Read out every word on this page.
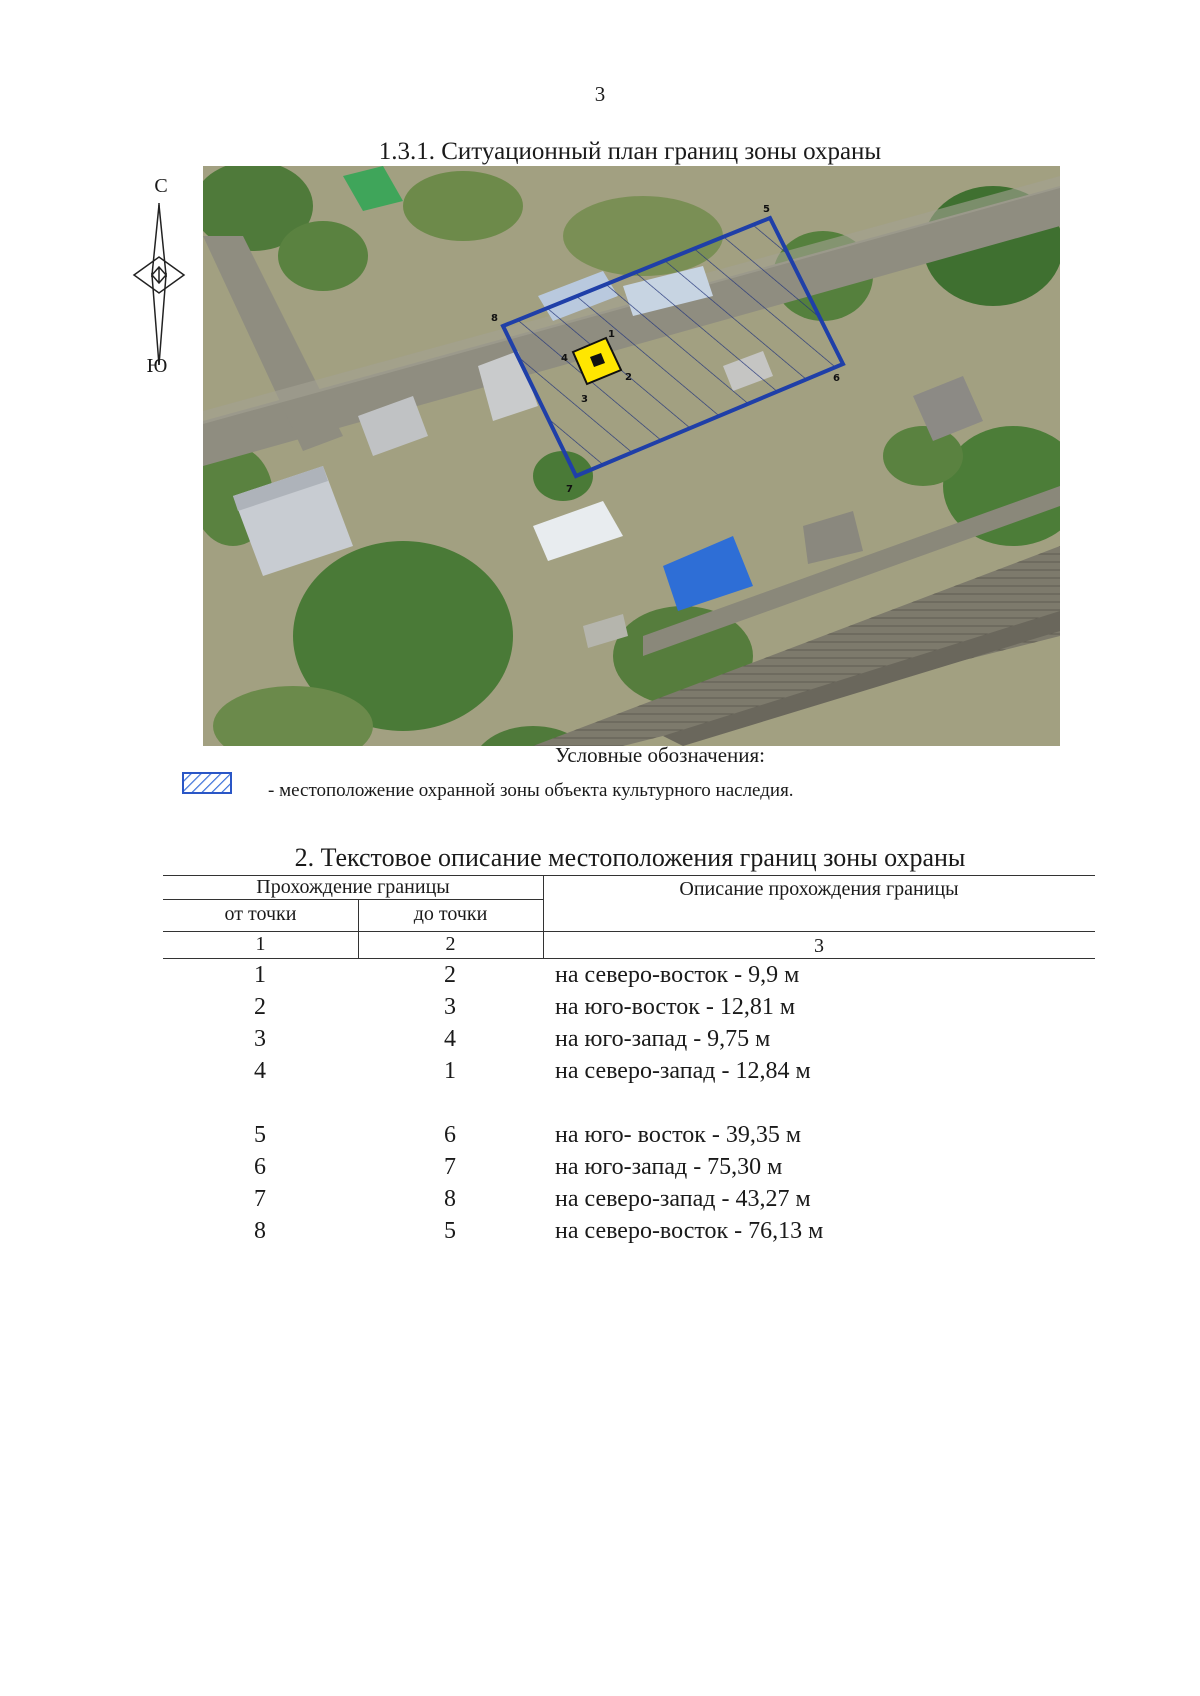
3
1.3.1. Ситуационный план границ зоны охраны
С
Ю
1
2
3
4
5
6
7
8
Условные обозначения:
- местоположение охранной зоны объекта культурного наследия.
2. Текстовое описание местоположения границ зоны охраны
Прохождение границы
от точки	до точки
Описание прохождения границы
1	2	3
1	2	на северо-восток - 9,9 м
2	3	на юго-восток - 12,81 м
3	4	на юго-запад - 9,75 м
4	1	на северо-запад - 12,84 м
5	6	на юго- восток - 39,35 м
6	7	на юго-запад - 75,30 м
7	8	на северо-запад - 43,27 м
8	5	на северо-восток - 76,13 м
